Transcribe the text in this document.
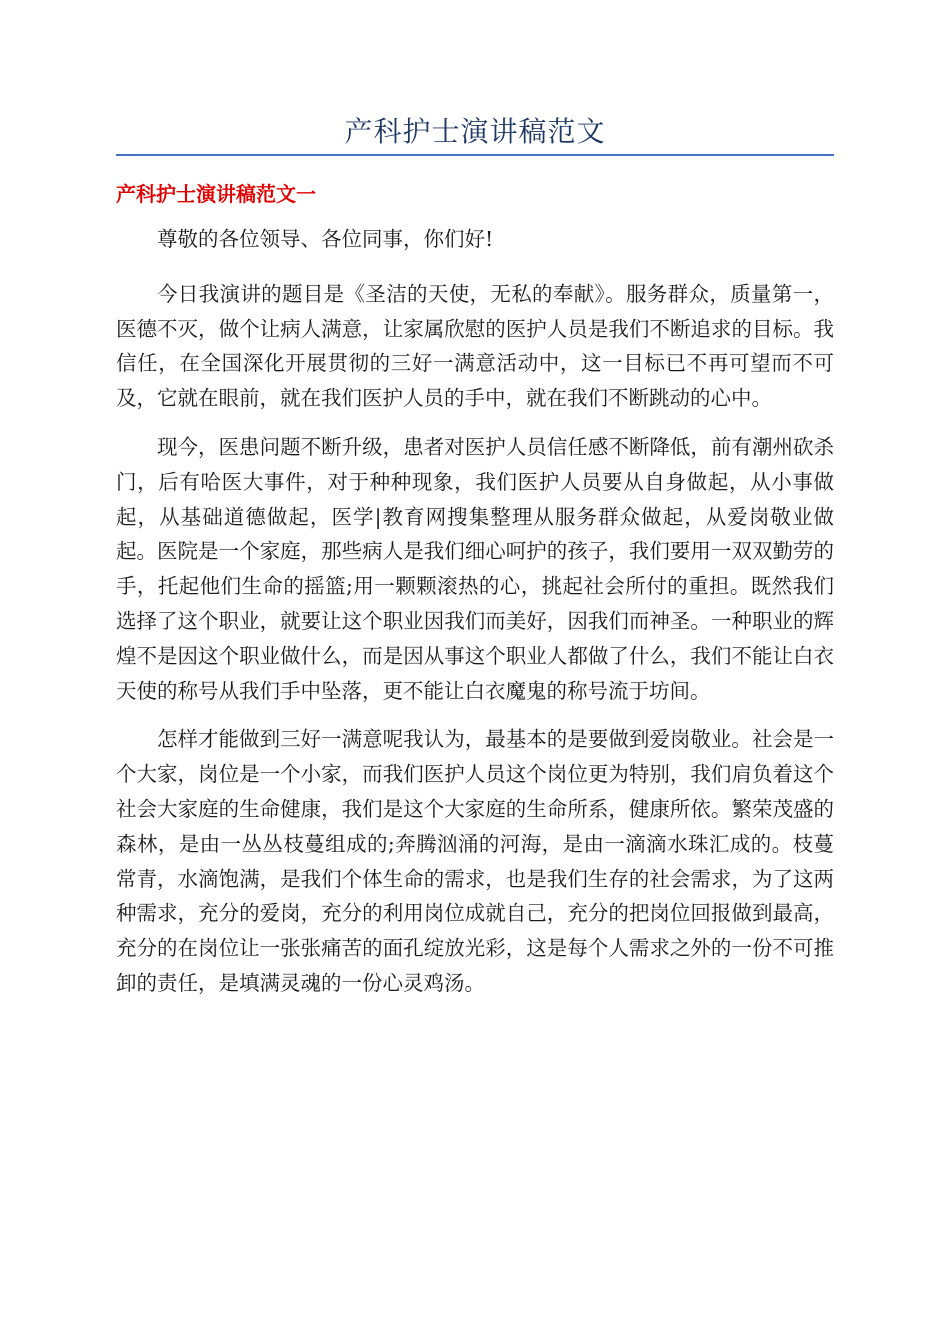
产科护士演讲稿范文
产科护士演讲稿范文一

尊敬的各位领导、各位同事，你们好!

今日我演讲的题目是《圣洁的天使，无私的奉献》。服务群众，质量第一，医德不灭，做个让病人满意，让家属欣慰的医护人员是我们不断追求的目标。我信任，在全国深化开展贯彻的三好一满意活动中，这一目标已不再可望而不可及，它就在眼前，就在我们医护人员的手中，就在我们不断跳动的心中。

现今，医患问题不断升级，患者对医护人员信任感不断降低，前有潮州砍杀门，后有哈医大事件，对于种种现象，我们医护人员要从自身做起，从小事做起，从基础道德做起，医学|教育网搜集整理从服务群众做起，从爱岗敬业做起。医院是一个家庭，那些病人是我们细心呵护的孩子，我们要用一双双勤劳的手，托起他们生命的摇篮;用一颗颗滚热的心，挑起社会所付的重担。既然我们选择了这个职业，就要让这个职业因我们而美好，因我们而神圣。一种职业的辉煌不是因这个职业做什么，而是因从事这个职业人都做了什么，我们不能让白衣天使的称号从我们手中坠落，更不能让白衣魔鬼的称号流于坊间。

怎样才能做到三好一满意呢我认为，最基本的是要做到爱岗敬业。社会是一个大家，岗位是一个小家，而我们医护人员这个岗位更为特别，我们肩负着这个社会大家庭的生命健康，我们是这个大家庭的生命所系，健康所依。繁荣茂盛的森林，是由一丛丛枝蔓组成的;奔腾汹涌的河海，是由一滴滴水珠汇成的。枝蔓常青，水滴饱满，是我们个体生命的需求，也是我们生存的社会需求，为了这两种需求，充分的爱岗，充分的利用岗位成就自己，充分的把岗位回报做到最高，充分的在岗位让一张张痛苦的面孔绽放光彩，这是每个人需求之外的一份不可推卸的责任，是填满灵魂的一份心灵鸡汤。
